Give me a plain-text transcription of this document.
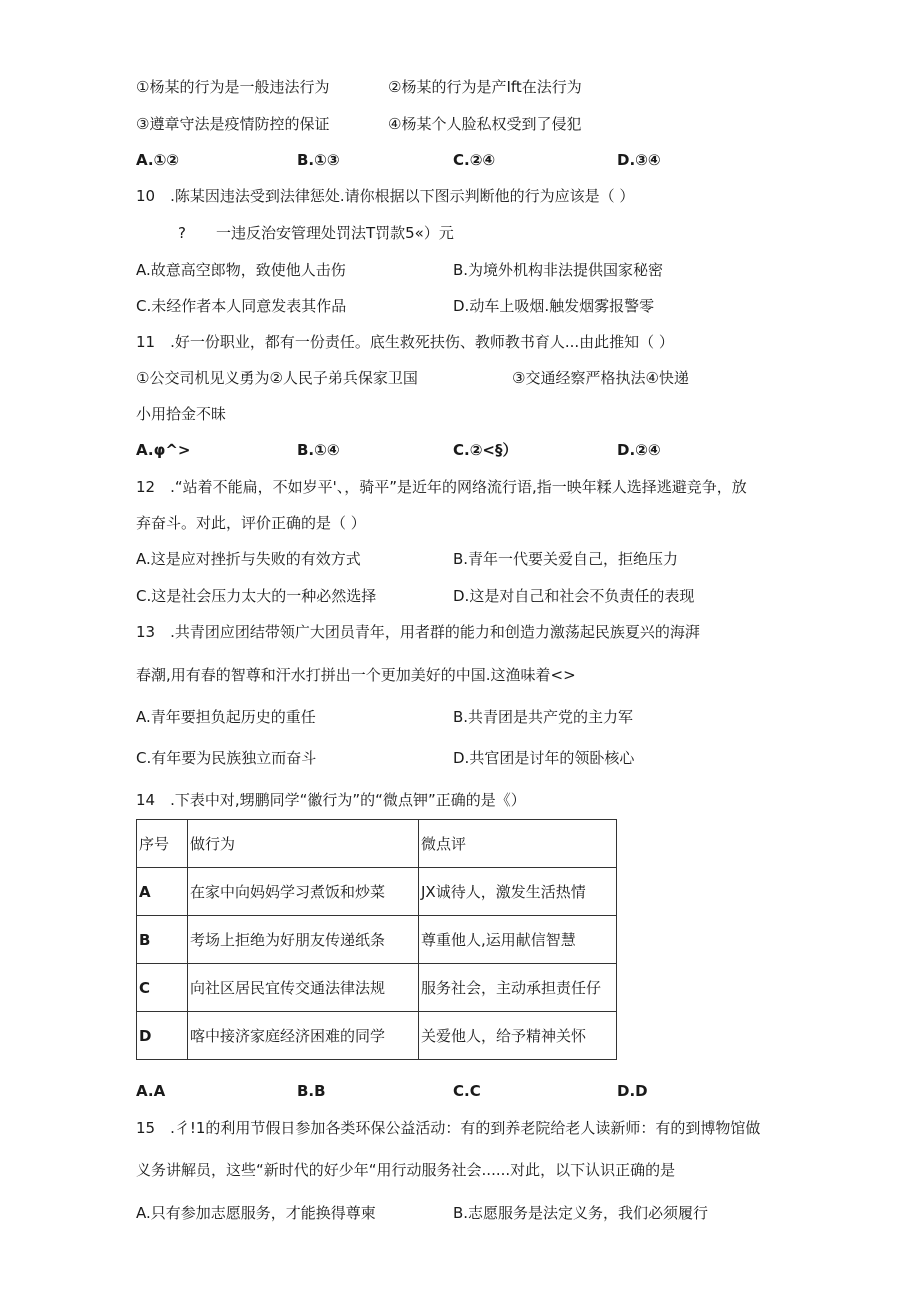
①杨某的行为是一般违法行为	②杨某的行为是产Ift在法行为
③遵章守法是疫情防控的保证	④杨某个人脸私权受到了侵犯
A.①②	B.①③	C.②④	D.③④
10　.陈某因违法受到法律惩处.请你根据以下图示判断他的行为应该是（ ）
?　　一违反治安管理处罚法T罚款5«）元
A.故意高空郎物，致使他人击伤	B.为境外机构非法提供国家秘密
C.未经作者本人同意发表其作品	D.动车上吸烟.触发烟雾报警零
11　.好一份职业，都有一份责任。底生救死扶伤、教师教书育人...由此推知（ ）
①公交司机见义勇为②人民子弟兵保家卫国	③交通经察严格执法④快递
小用拾金不昧
A.φ^>	B.①④	C.②<§）	D.②④
12　.“站着不能扁，不如岁平'、，骑平”是近年的网络流行语,指一映年糅人选择逃避竞争，放
弃奋斗。对此，评价正确的是（ ）
A.这是应对挫折与失败的有效方式	B.青年一代要关爱自己，拒绝压力
C.这是社会压力太大的一种必然选择	D.这是对自己和社会不负责任的表现
13　.共青团应团结带领广大团员青年，用者群的能力和创造力激荡起民族夏兴的海湃
春潮,用有春的智尊和汗水打拼出一个更加美好的中国.这渔味着<>
A.青年要担负起历史的重任	B.共青团是共产党的主力军
C.有年要为民族独立而奋斗	D.共官团是讨年的领卧核心
14　.下表中对,甥鹏同学“徽行为”的“微点钾”正确的是《）
序号	做行为	微点评
A	在家中向妈妈学习煮饭和炒菜	JX诚待人，激发生活热情
B	考场上拒绝为好朋友传递纸条	尊重他人,运用献信智慧
C	向社区居民宜传交通法律法规	服务社会，主动承担责任仔
D	喀中接济家庭经济困难的同学	关爱他人，给予精神关怀
A.A	B.B	C.C	D.D
15　.彳!1的利用节假日参加各类环保公益活动：有的到养老院给老人读新师：有的到博物馆做
义务讲解员，这些“新时代的好少年“用行动服务社会......对此，以下认识正确的是
A.只有参加志愿服务，才能换得尊柬	B.志愿服务是法定义务，我们必须履行
